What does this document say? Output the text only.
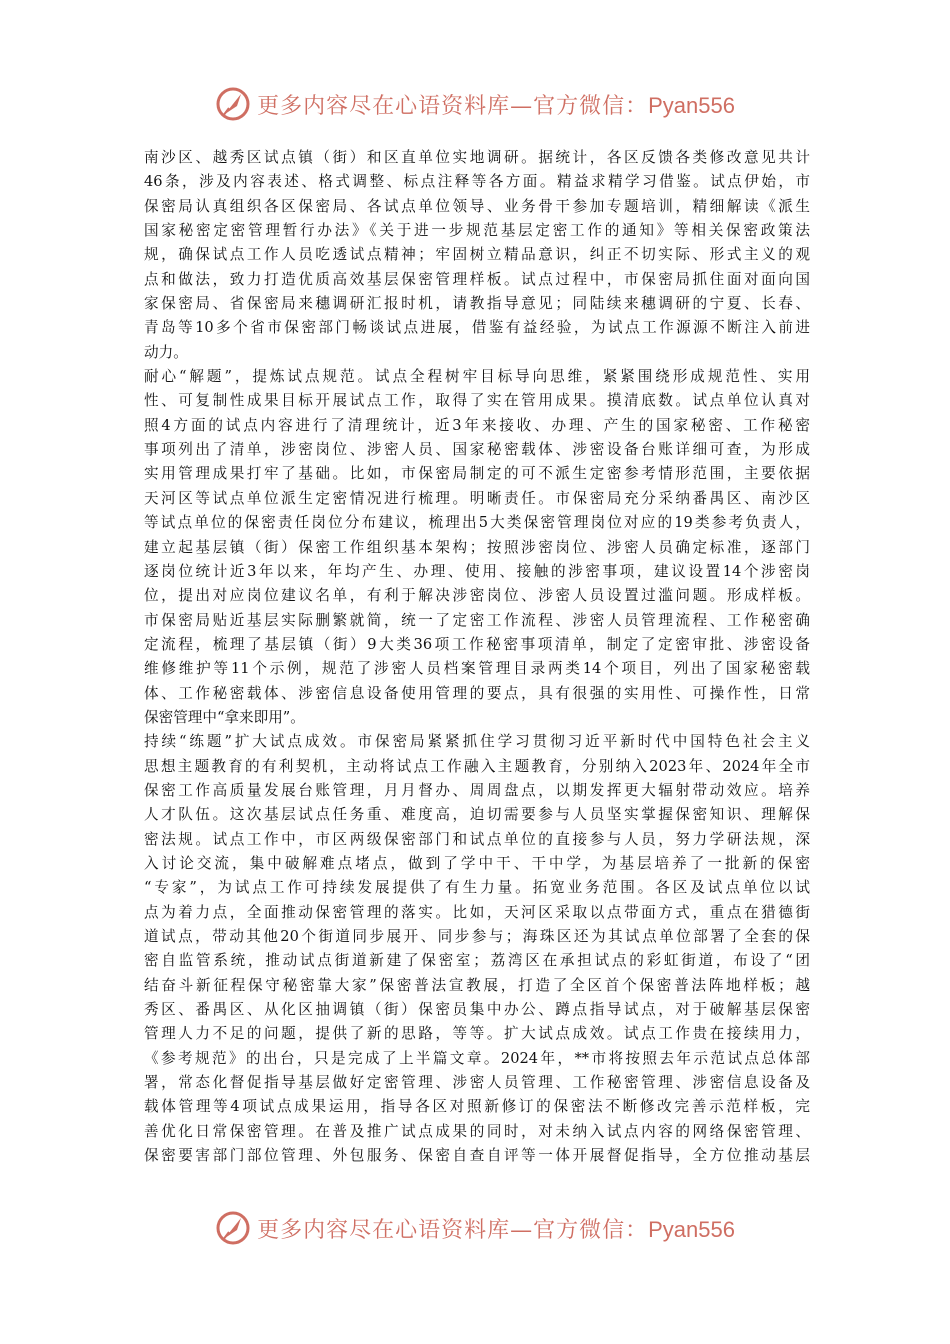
更多内容尽在心语资料库—官方微信：Pyan556
南沙区、越秀区试点镇（街）和区直单位实地调研。据统计，各区反馈各类修改意见共计
46条，涉及内容表述、格式调整、标点注释等各方面。精益求精学习借鉴。试点伊始，市
保密局认真组织各区保密局、各试点单位领导、业务骨干参加专题培训，精细解读《派生
国家秘密定密管理暂行办法》《关于进一步规范基层定密工作的通知》等相关保密政策法
规，确保试点工作人员吃透试点精神；牢固树立精品意识，纠正不切实际、形式主义的观
点和做法，致力打造优质高效基层保密管理样板。试点过程中，市保密局抓住面对面向国
家保密局、省保密局来穗调研汇报时机，请教指导意见；同陆续来穗调研的宁夏、长春、
青岛等10多个省市保密部门畅谈试点进展，借鉴有益经验，为试点工作源源不断注入前进
动力。
耐心“解题”，提炼试点规范。试点全程树牢目标导向思维，紧紧围绕形成规范性、实用
性、可复制性成果目标开展试点工作，取得了实在管用成果。摸清底数。试点单位认真对
照4方面的试点内容进行了清理统计，近3年来接收、办理、产生的国家秘密、工作秘密
事项列出了清单，涉密岗位、涉密人员、国家秘密载体、涉密设备台账详细可查，为形成
实用管理成果打牢了基础。比如，市保密局制定的可不派生定密参考情形范围，主要依据
天河区等试点单位派生定密情况进行梳理。明晰责任。市保密局充分采纳番禺区、南沙区
等试点单位的保密责任岗位分布建议，梳理出5大类保密管理岗位对应的19类参考负责人，
建立起基层镇（街）保密工作组织基本架构；按照涉密岗位、涉密人员确定标准，逐部门
逐岗位统计近3年以来，年均产生、办理、使用、接触的涉密事项，建议设置14个涉密岗
位，提出对应岗位建议名单，有利于解决涉密岗位、涉密人员设置过滥问题。形成样板。
市保密局贴近基层实际删繁就简，统一了定密工作流程、涉密人员管理流程、工作秘密确
定流程，梳理了基层镇（街）9大类36项工作秘密事项清单，制定了定密审批、涉密设备
维修维护等11个示例，规范了涉密人员档案管理目录两类14个项目，列出了国家秘密载
体、工作秘密载体、涉密信息设备使用管理的要点，具有很强的实用性、可操作性，日常
保密管理中“拿来即用”。
持续“练题”扩大试点成效。市保密局紧紧抓住学习贯彻习近平新时代中国特色社会主义
思想主题教育的有利契机，主动将试点工作融入主题教育，分别纳入2023年、2024年全市
保密工作高质量发展台账管理，月月督办、周周盘点，以期发挥更大辐射带动效应。培养
人才队伍。这次基层试点任务重、难度高，迫切需要参与人员坚实掌握保密知识、理解保
密法规。试点工作中，市区两级保密部门和试点单位的直接参与人员，努力学研法规，深
入讨论交流，集中破解难点堵点，做到了学中干、干中学，为基层培养了一批新的保密
“专家”，为试点工作可持续发展提供了有生力量。拓宽业务范围。各区及试点单位以试
点为着力点，全面推动保密管理的落实。比如，天河区采取以点带面方式，重点在猎德街
道试点，带动其他20个街道同步展开、同步参与；海珠区还为其试点单位部署了全套的保
密自监管系统，推动试点街道新建了保密室；荔湾区在承担试点的彩虹街道，布设了“团
结奋斗新征程保守秘密靠大家”保密普法宣教展，打造了全区首个保密普法阵地样板；越
秀区、番禺区、从化区抽调镇（街）保密员集中办公、蹲点指导试点，对于破解基层保密
管理人力不足的问题，提供了新的思路，等等。扩大试点成效。试点工作贵在接续用力，
《参考规范》的出台，只是完成了上半篇文章。2024年，**市将按照去年示范试点总体部
署，常态化督促指导基层做好定密管理、涉密人员管理、工作秘密管理、涉密信息设备及
载体管理等4项试点成果运用，指导各区对照新修订的保密法不断修改完善示范样板，完
善优化日常保密管理。在普及推广试点成果的同时，对未纳入试点内容的网络保密管理、
保密要害部门部位管理、外包服务、保密自查自评等一体开展督促指导，全方位推动基层
更多内容尽在心语资料库—官方微信：Pyan556
